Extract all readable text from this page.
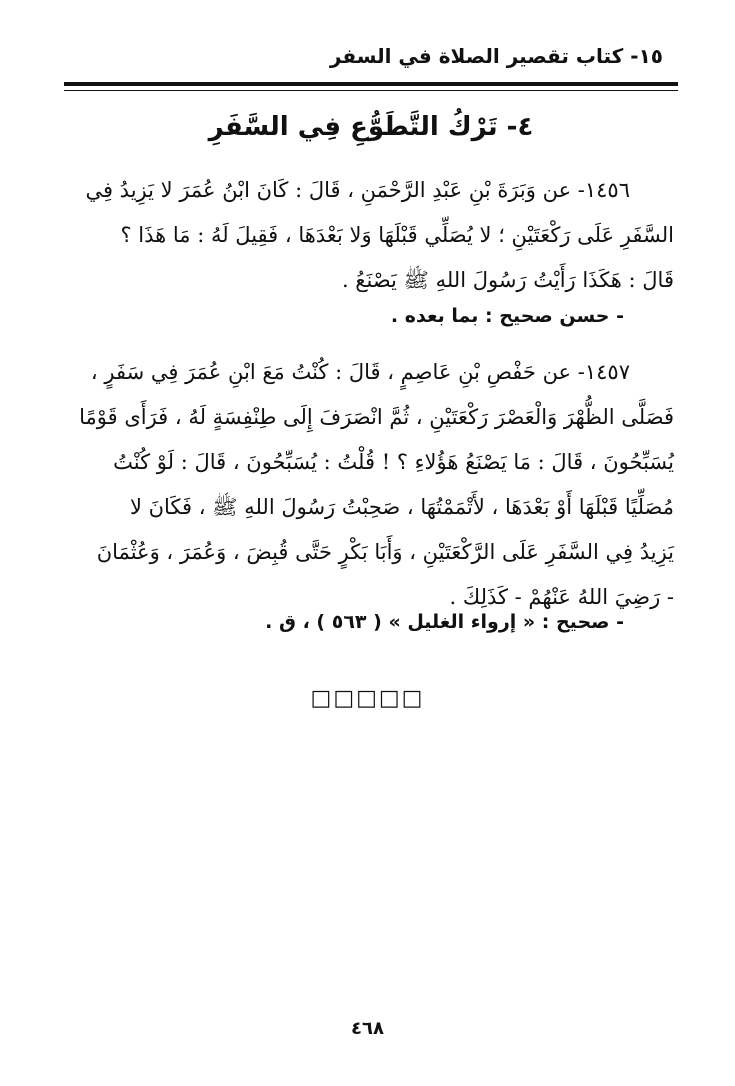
١٥- كتاب تقصير الصلاة في السفر
٤- تَرْكُ التَّطَوُّعِ فِي السَّفَرِ
١٤٥٦- عن وَبَرَةَ بْنِ عَبْدِ الرَّحْمَنِ ، قَالَ : كَانَ ابْنُ عُمَرَ لا يَزِيدُ فِي
السَّفَرِ عَلَى رَكْعَتَيْنِ ؛ لا يُصَلِّي قَبْلَهَا وَلا بَعْدَهَا ، فَقِيلَ لَهُ : مَا هَذَا ؟
قَالَ : هَكَذَا رَأَيْتُ رَسُولَ اللهِ ﷺ يَصْنَعُ .
- حسن صحيح : بما بعده .
١٤٥٧- عن حَفْصِ بْنِ عَاصِمٍ ، قَالَ : كُنْتُ مَعَ ابْنِ عُمَرَ فِي سَفَرٍ ،
فَصَلَّى الظُّهْرَ وَالْعَصْرَ رَكْعَتَيْنِ ، ثُمَّ انْصَرَفَ إِلَى طِنْفِسَةٍ لَهُ ، فَرَأَى قَوْمًا
يُسَبِّحُونَ ، قَالَ : مَا يَصْنَعُ هَؤُلاءِ ؟ ! قُلْتُ : يُسَبِّحُونَ ، قَالَ : لَوْ كُنْتُ
مُصَلِّيًا قَبْلَهَا أَوْ بَعْدَهَا ، لأَتْمَمْتُهَا ، صَحِبْتُ رَسُولَ اللهِ ﷺ ، فَكَانَ لا
يَزِيدُ فِي السَّفَرِ عَلَى الرَّكْعَتَيْنِ ، وَأَبَا بَكْرٍ حَتَّى قُبِضَ ، وَعُمَرَ ، وَعُثْمَانَ
- رَضِيَ اللهُ عَنْهُمْ - كَذَلِكَ .
- صحيح : « إرواء الغليل » ( ٥٦٣ ) ، ق .
□□□□□
٤٦٨
